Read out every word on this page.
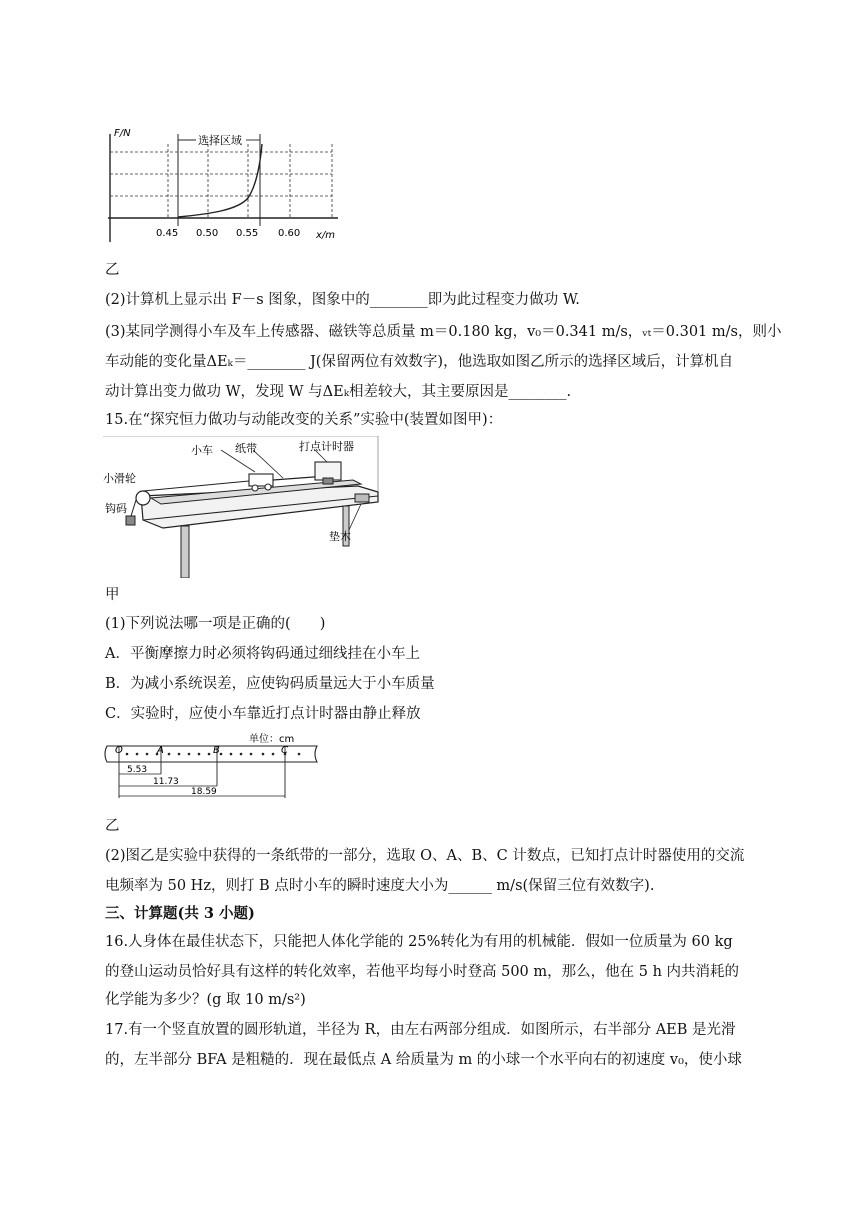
F/N
选择区域
0.45 0.50 0.55 0.60 x/m
乙
(2)计算机上显示出 F－s 图象，图象中的________即为此过程变力做功 W.
(3)某同学测得小车及车上传感器、磁铁等总质量 m＝0.180 kg，v₀＝0.341 m/s，ᵥₜ＝0.301 m/s，则小
车动能的变化量ΔEₖ＝________ J(保留两位有效数字)，他选取如图乙所示的选择区域后，计算机自
动计算出变力做功 W，发现 W 与ΔEₖ相差较大，其主要原因是________.
15.在“探究恒力做功与动能改变的关系”实验中(装置如图甲)：
小车 纸带	打点计时器
小滑轮
钩码
垫木
甲
(1)下列说法哪一项是正确的(　　)
A．平衡摩擦力时必须将钩码通过细线挂在小车上
B．为减小系统误差，应使钩码质量远大于小车质量
C．实验时，应使小车靠近打点计时器由静止释放
O	A	B	C
单位：cm
5.53
11.73
18.59
乙
(2)图乙是实验中获得的一条纸带的一部分，选取 O、A、B、C 计数点，已知打点计时器使用的交流
电频率为 50 Hz，则打 B 点时小车的瞬时速度大小为______ m/s(保留三位有效数字).
三、计算题(共 3 小题)
16.人身体在最佳状态下，只能把人体化学能的 25%转化为有用的机械能．假如一位质量为 60 kg
的登山运动员恰好具有这样的转化效率，若他平均每小时登高 500 m，那么，他在 5 h 内共消耗的
化学能为多少？(g 取 10 m/s²)
17.有一个竖直放置的圆形轨道，半径为 R，由左右两部分组成．如图所示，右半部分 AEB 是光滑
的，左半部分 BFA 是粗糙的．现在最低点 A 给质量为 m 的小球一个水平向右的初速度 v₀，使小球
